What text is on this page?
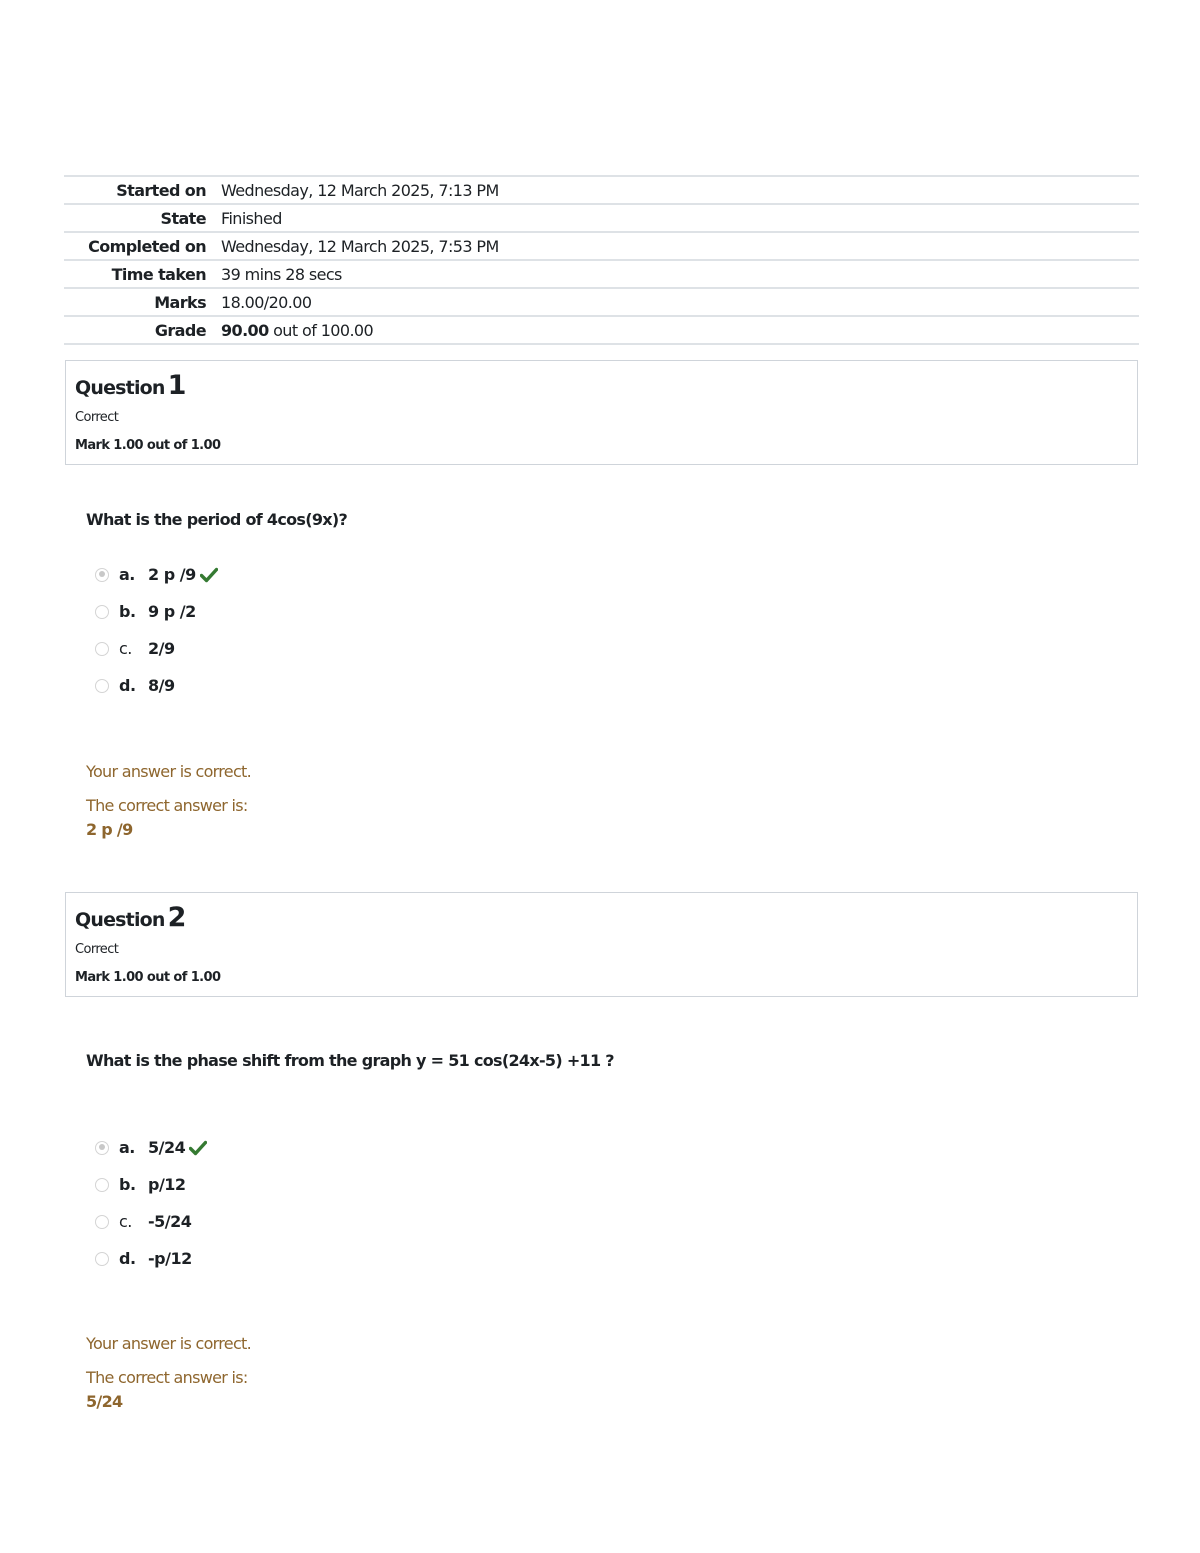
Started on Wednesday, 12 March 2025, 7:13 PM
State Finished
Completed on Wednesday, 12 March 2025, 7:53 PM
Time taken 39 mins 28 secs
Marks 18.00/20.00
Grade 90.00 out of 100.00
Question 1
Correct
Mark 1.00 out of 1.00
What is the period of 4cos(9x)?
a. 2 p /9
b. 9 p /2
c.	2/9
d. 8/9
Your answer is correct.
The correct answer is:
2 p /9
Question 2
Correct
Mark 1.00 out of 1.00
What is the phase shift from the graph y = 51 cos(24x-5) +11 ?
a. 5/24
b. p/12
c.	-5/24
d. -p/12
Your answer is correct.
The correct answer is:
5/24
